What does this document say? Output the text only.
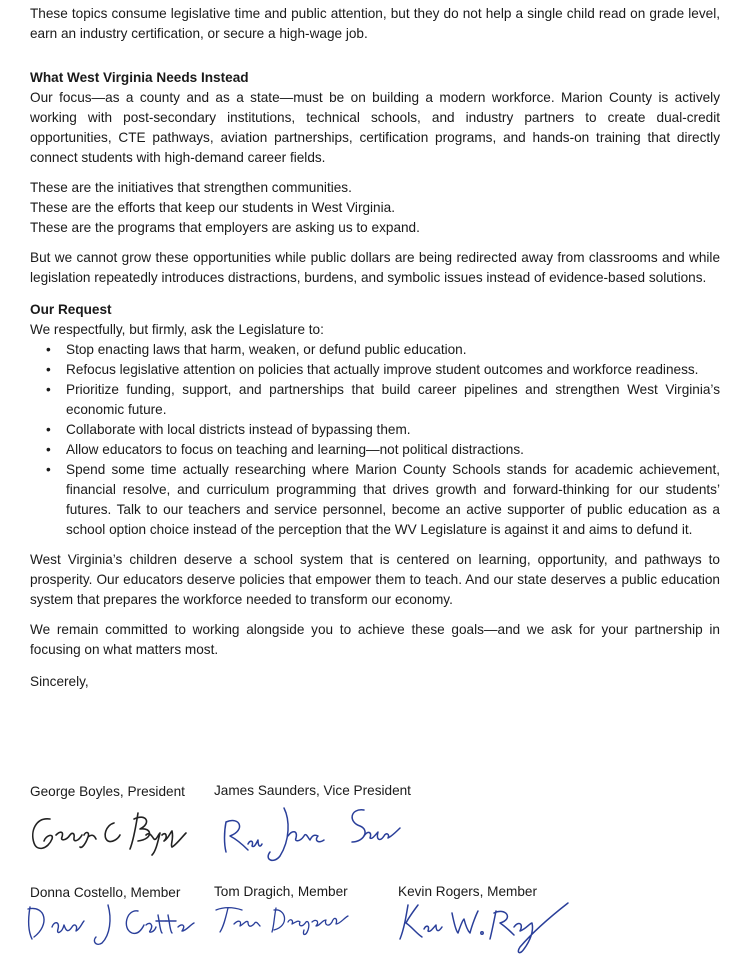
These topics consume legislative time and public attention, but they do not help a single child read on grade level, earn an industry certification, or secure a high-wage job.

What West Virginia Needs Instead

Our focus—as a county and as a state—must be on building a modern workforce. Marion County is actively working with post-secondary institutions, technical schools, and industry partners to create dual-credit opportunities, CTE pathways, aviation partnerships, certification programs, and hands-on training that directly connect students with high-demand career fields.

These are the initiatives that strengthen communities.

These are the efforts that keep our students in West Virginia.

These are the programs that employers are asking us to expand.

But we cannot grow these opportunities while public dollars are being redirected away from classrooms and while legislation repeatedly introduces distractions, burdens, and symbolic issues instead of evidence-based solutions.

Our Request

We respectfully, but firmly, ask the Legislature to:

• Stop enacting laws that harm, weaken, or defund public education.
• Refocus legislative attention on policies that actually improve student outcomes and workforce readiness.
• Prioritize funding, support, and partnerships that build career pipelines and strengthen West Virginia’s economic future.
• Collaborate with local districts instead of bypassing them.
• Allow educators to focus on teaching and learning—not political distractions.
• Spend some time actually researching where Marion County Schools stands for academic achievement, financial resolve, and curriculum programming that drives growth and forward-thinking for our students’ futures. Talk to our teachers and service personnel, become an active supporter of public education as a school option choice instead of the perception that the WV Legislature is against it and aims to defund it.

West Virginia’s children deserve a school system that is centered on learning, opportunity, and pathways to prosperity. Our educators deserve policies that empower them to teach. And our state deserves a public education system that prepares the workforce needed to transform our economy.

We remain committed to working alongside you to achieve these goals—and we ask for your partnership in focusing on what matters most.

Sincerely,

George Boyles, President James Saunders, Vice President
Donna Costello, Member Tom Dragich, Member	Kevin Rogers, Member
